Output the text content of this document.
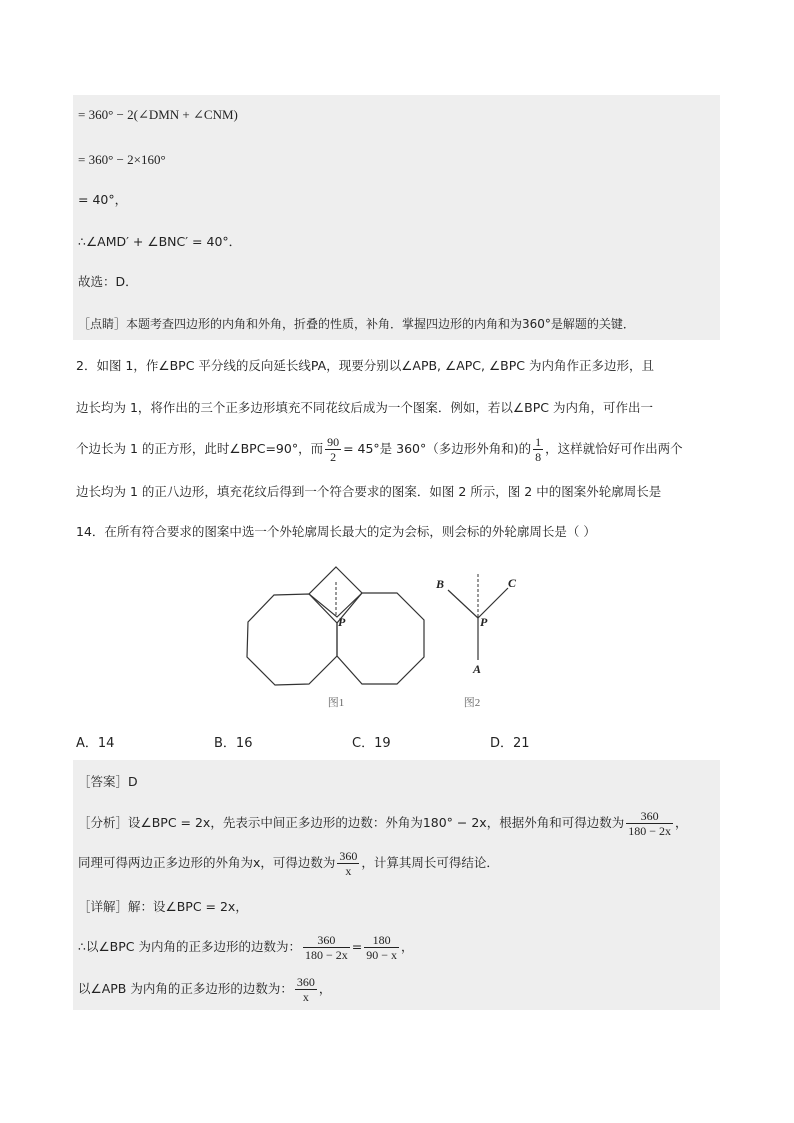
= 360° − 2(∠DMN + ∠CNM)
= 360° − 2×160°
= 40°，
∴∠AMD′ + ∠BNC′ = 40°．
故选：D．
［点睛］本题考查四边形的内角和外角，折叠的性质，补角．掌握四边形的内角和为360°是解题的关键．
2．如图 1，作∠BPC 平分线的反向延长线PA，现要分别以∠APB, ∠APC, ∠BPC 为内角作正多边形，且
边长均为 1，将作出的三个正多边形填充不同花纹后成为一个图案．例如，若以∠BPC 为内角，可作出一
个边长为 1 的正方形，此时∠BPC=90°，而 $\frac{90}{2} = 45^\circ$是 360°（多边形外角和)的 $\frac{1}{8}$ ，这样就恰好可作出两个
边长均为 1 的正八边形，填充花纹后得到一个符合要求的图案．如图 2 所示，图 2 中的图案外轮廓周长是
14．在所有符合要求的图案中选一个外轮廓周长最大的定为会标，则会标的外轮廓周长是（ ）
P
图1
B	C
P
A
图2
A．14	B．16	C．19	D．21
［答案］D
［分析］设∠BPC = 2x，先表示中间正多边形的边数：外角为180° − 2x，根据外角和可得边数为 $\frac{360}{180 - 2x}$ ，
同理可得两边正多边形的外角为x，可得边数为 $\frac{360}{x}$ ，计算其周长可得结论．
［详解］解：设∠BPC = 2x，
∴以∠BPC 为内角的正多边形的边数为： $\frac{360}{180 - 2x} = \frac{180}{90 - x}$ ，
以∠APB 为内角的正多边形的边数为： $\frac{360}{x}$ ，
